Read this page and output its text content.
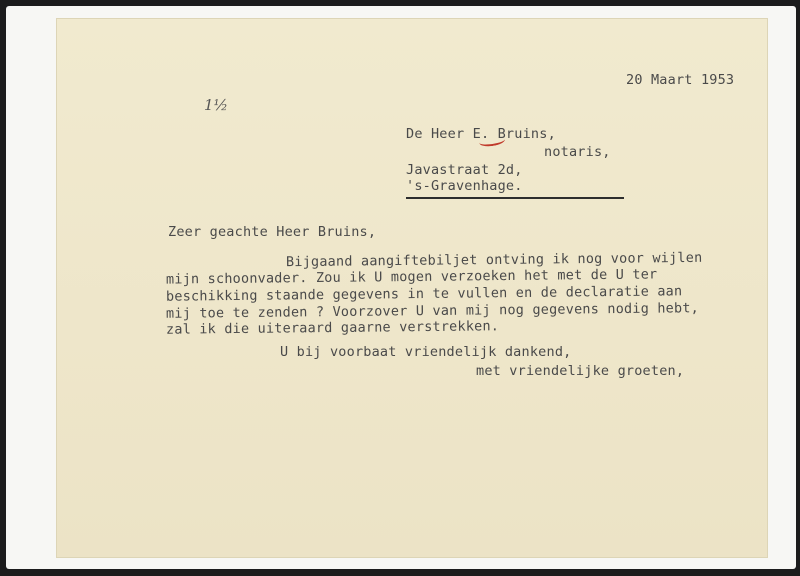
20 Maart 1953
1½
De Heer E. Bruins,
notaris,
Javastraat 2d,
's-Gravenhage.
Zeer geachte Heer Bruins,
Bijgaand aangiftebiljet ontving ik nog voor wijlen
mijn schoonvader. Zou ik U mogen verzoeken het met de U ter
beschikking staande gegevens in te vullen en de declaratie aan
mij toe te zenden ? Voorzover U van mij nog gegevens nodig hebt,
zal ik die uiteraard gaarne verstrekken.
U bij voorbaat vriendelijk dankend,
met vriendelijke groeten,
